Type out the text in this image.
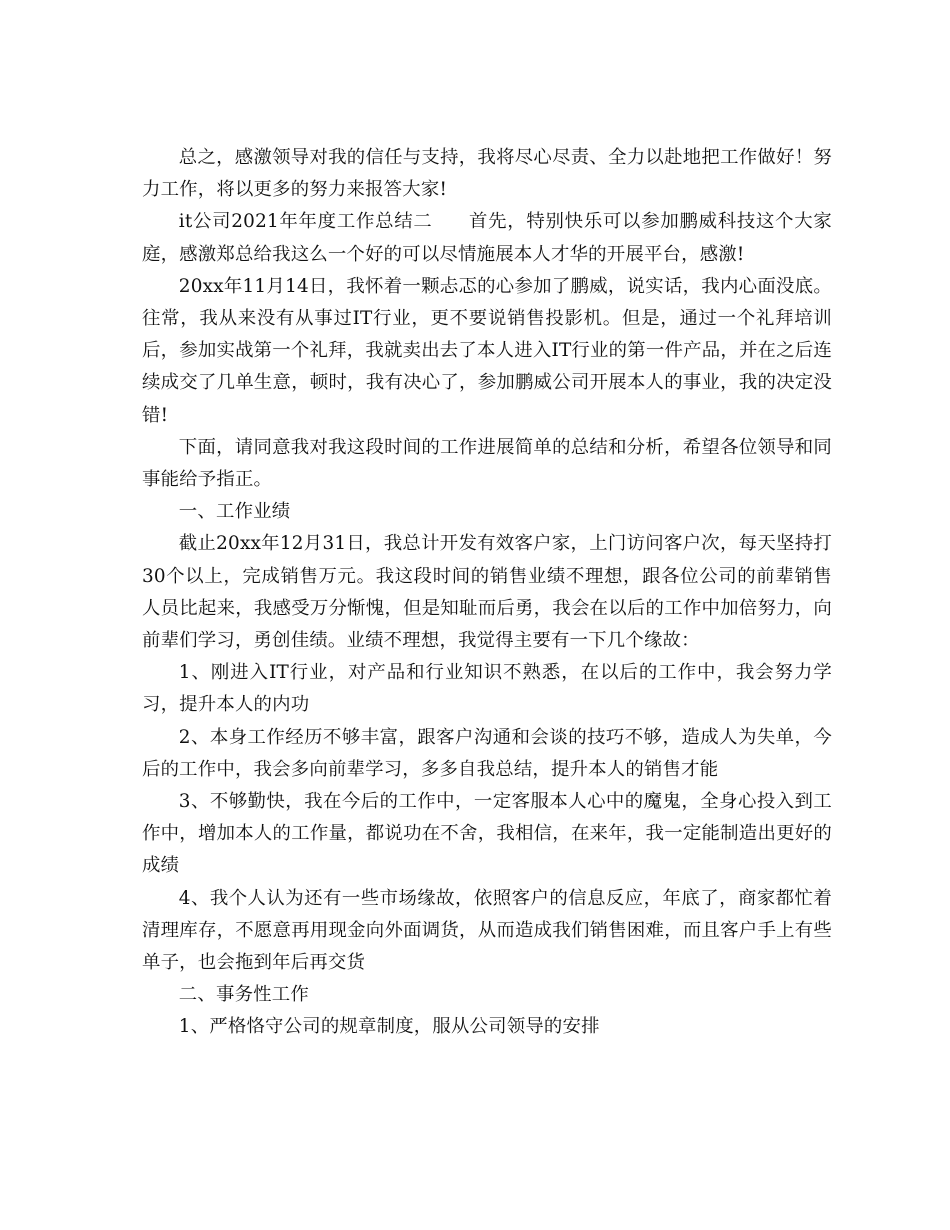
总之，感激领导对我的信任与支持，我将尽心尽责、全力以赴地把工作做好！努力工作，将以更多的努力来报答大家!

it公司2021年年度工作总结二 首先，特别快乐可以参加鹏威科技这个大家庭，感激郑总给我这么一个好的可以尽情施展本人才华的开展平台，感激!

20xx年11月14日，我怀着一颗忐忑的心参加了鹏威，说实话，我内心面没底。往常，我从来没有从事过IT行业，更不要说销售投影机。但是，通过一个礼拜培训后，参加实战第一个礼拜，我就卖出去了本人进入IT行业的第一件产品，并在之后连续成交了几单生意，顿时，我有决心了，参加鹏威公司开展本人的事业，我的决定没错!

下面，请同意我对我这段时间的工作进展简单的总结和分析，希望各位领导和同事能给予指正。

一、工作业绩

截止20xx年12月31日，我总计开发有效客户家，上门访问客户次，每天坚持打30个以上，完成销售万元。我这段时间的销售业绩不理想，跟各位公司的前辈销售人员比起来，我感受万分惭愧，但是知耻而后勇，我会在以后的工作中加倍努力，向前辈们学习，勇创佳绩。业绩不理想，我觉得主要有一下几个缘故：

1、刚进入IT行业，对产品和行业知识不熟悉，在以后的工作中，我会努力学习，提升本人的内功

2、本身工作经历不够丰富，跟客户沟通和会谈的技巧不够，造成人为失单，今后的工作中，我会多向前辈学习，多多自我总结，提升本人的销售才能

3、不够勤快，我在今后的工作中，一定客服本人心中的魔鬼，全身心投入到工作中，增加本人的工作量，都说功在不舍，我相信，在来年，我一定能制造出更好的成绩

4、我个人认为还有一些市场缘故，依照客户的信息反应，年底了，商家都忙着清理库存，不愿意再用现金向外面调货，从而造成我们销售困难，而且客户手上有些单子，也会拖到年后再交货

二、事务性工作

1、严格恪守公司的规章制度，服从公司领导的安排
